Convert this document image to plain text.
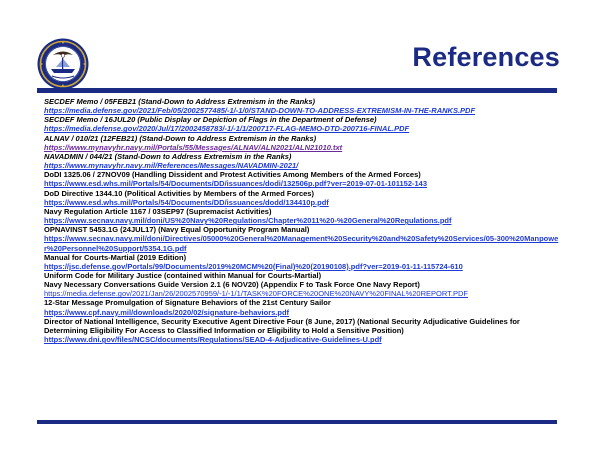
References
SECDEF Memo / 05FEB21 (Stand-Down to Address Extremism in the Ranks)
https://media.defense.gov/2021/Feb/05/2002577485/-1/-1/0/STAND-DOWN-TO-ADDRESS-EXTREMISM-IN-THE-RANKS.PDF
SECDEF Memo / 16JUL20 (Public Display or Depiction of Flags in the Department of Defense)
https://media.defense.gov/2020/Jul/17/2002458783/-1/-1/1/200717-FLAG-MEMO-DTD-200716-FINAL.PDF
ALNAV / 010/21 (12FEB21) (Stand-Down to Address Extremism in the Ranks)
https://www.mynavyhr.navy.mil/Portals/55/Messages/ALNAV/ALN2021/ALN21010.txt
NAVADMIN / 044/21 (Stand-Down to Address Extremism in the Ranks)
https://www.mynavyhr.navy.mil/References/Messages/NAVADMIN-2021/
DoDI 1325.06 / 27NOV09 (Handling Dissident and Protest Activities Among Members of the Armed Forces)
https://www.esd.whs.mil/Portals/54/Documents/DD/issuances/dodi/132506p.pdf?ver=2019-07-01-101152-143
DoD Directive 1344.10 (Political Activities by Members of the Armed Forces)
https://www.esd.whs.mil/Portals/54/Documents/DD/issuances/dodd/134410p.pdf
Navy Regulation Article 1167 / 03SEP97 (Supremacist Activities)
https://www.secnav.navy.mil/doni/US%20Navy%20Regulations/Chapter%2011%20-%20General%20Regulations.pdf
OPNAVINST 5453.1G (24JUL17) (Navy Equal Opportunity Program Manual)
https://www.secnav.navy.mil/doni/Directives/05000%20General%20Management%20Security%20and%20Safety%20Services/05-300%20Manpower%20Personnel%20Support/5354.1G.pdf
Manual for Courts-Martial (2019 Edition)
https://jsc.defense.gov/Portals/99/Documents/2019%20MCM%20(Final)%20(20190108).pdf?ver=2019-01-11-115724-610
Uniform Code for Military Justice (contained within Manual for Courts-Martial)
Navy Necessary Conversations Guide Version 2.1 (6 NOV20) (Appendix F to Task Force One Navy Report)
https://media.defense.gov/2021/Jan/26/2002570959/-1/-1/1/TASK%20FORCE%20ONE%20NAVY%20FINAL%20REPORT.PDF
12-Star Message Promulgation of Signature Behaviors of the 21st Century Sailor
https://www.cpf.navy.mil/downloads/2020/02/signature-behaviors.pdf
Director of National Intelligence, Security Executive Agent Directive Four (8 June, 2017) (National Security Adjudicative Guidelines for Determining Eligibility For Access to Classified Information or Eligibility to Hold a Sensitive Position)
https://www.dni.gov/files/NCSC/documents/Regulations/SEAD-4-Adjudicative-Guidelines-U.pdf
